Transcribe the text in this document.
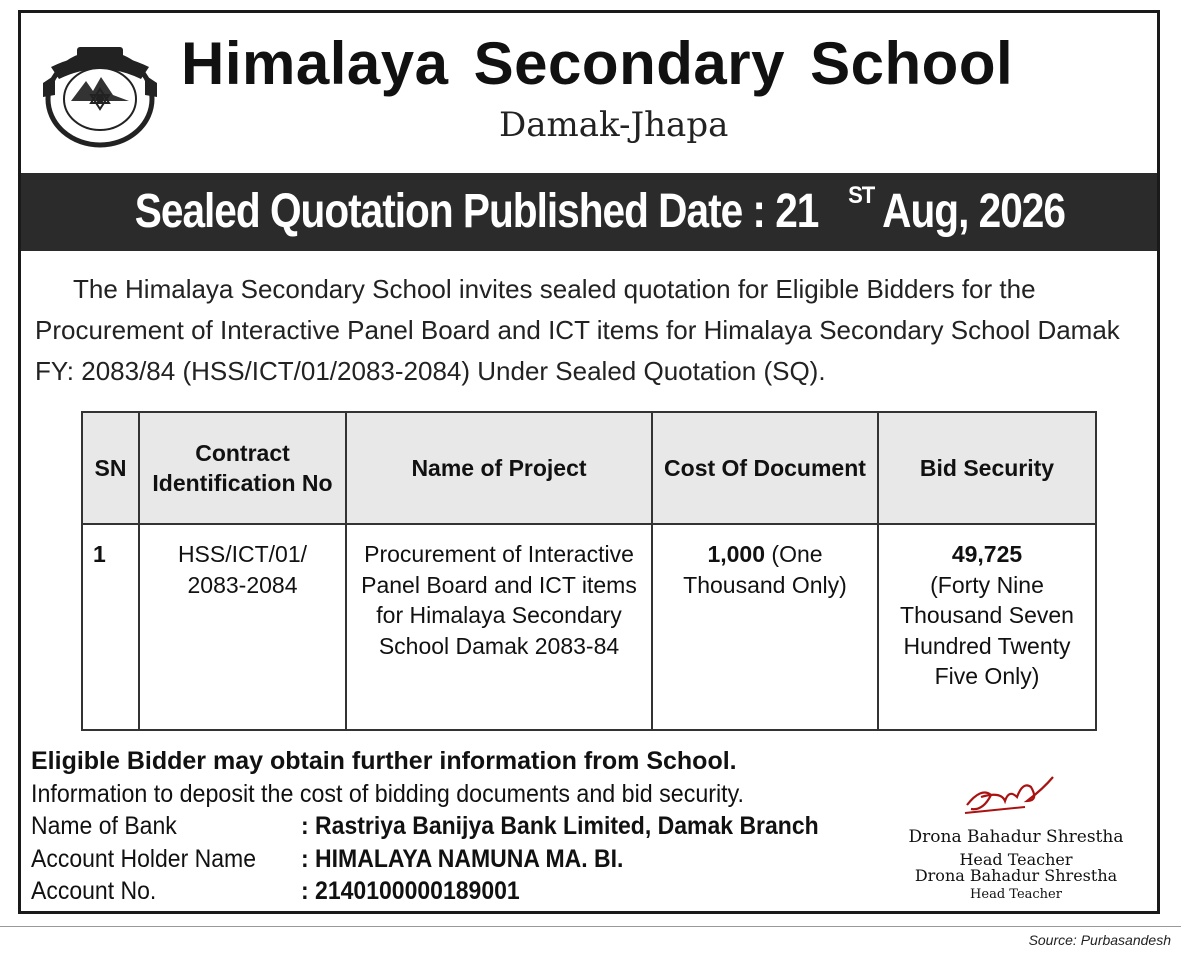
Himalaya Secondary School
Damak-Jhapa
Sealed Quotation Published Date : 21 $^{ST}$Aug, 2026

The Himalaya Secondary School invites sealed quotation for Eligible Bidders for the Procurement of Interactive Panel Board and ICT items for Himalaya Secondary School Damak FY: 2083/84 (HSS/ICT/01/2083-2084) Under Sealed Quotation (SQ).

SN	Contract Identification No	Name of Project	Cost Of Document	Bid Security
1	HSS/ICT/01/ 2083-2084	Procurement of Interactive Panel Board and ICT items for Himalaya Secondary School Damak 2083-84	1,000 (One Thousand Only)	49,725
(Forty Nine Thousand Seven Hundred Twenty Five Only)
Eligible Bidder may obtain further information from School.
Information to deposit the cost of bidding documents and bid security.
Name of Bank	: Rastriya Banijya Bank Limited, Damak Branch
Account Holder Name	: HIMALAYA NAMUNA MA. BI.
Account No.	: 2140100000189001
Drona Bahadur Shrestha
Head Teacher
Drona Bahadur Shrestha
Head Teacher
Source: Purbasandesh
